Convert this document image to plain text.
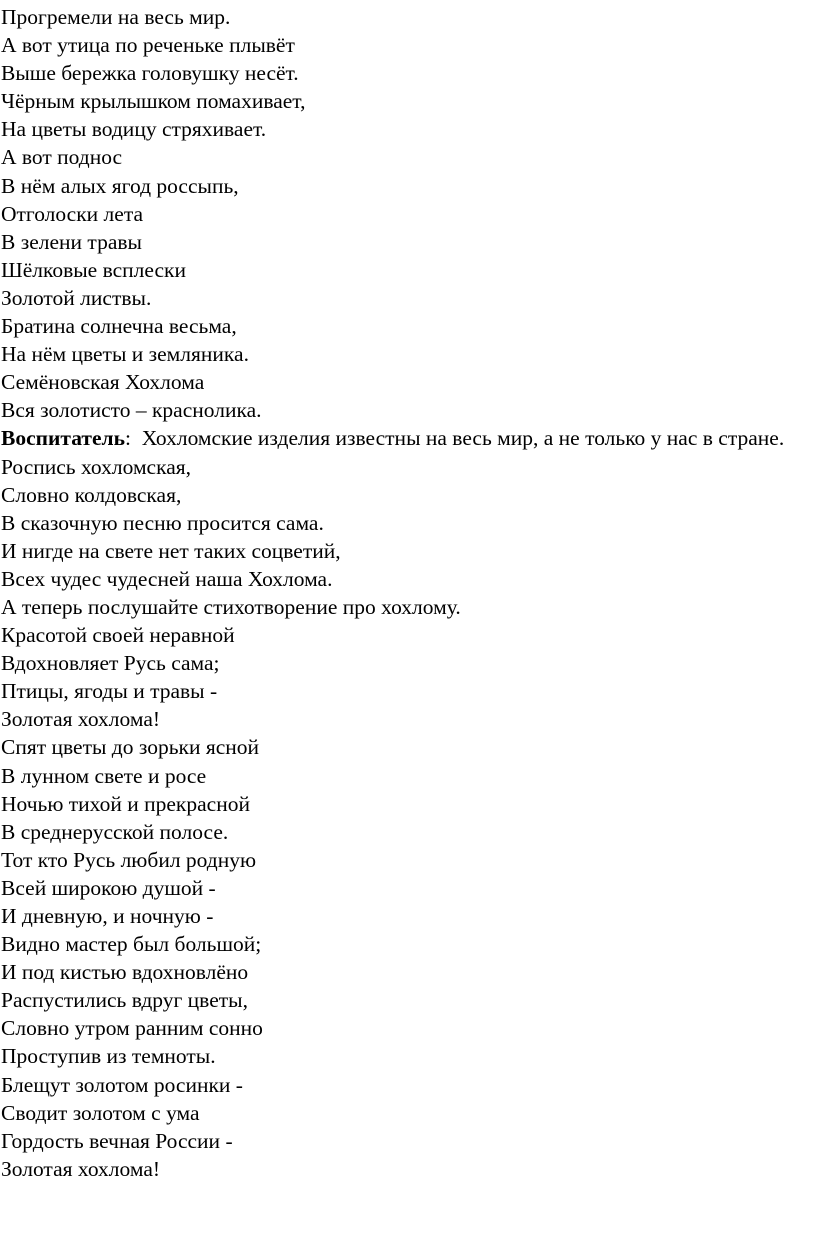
Прогремели на весь мир.
А вот утица по реченьке плывёт
Выше бережка головушку несёт.
Чёрным крылышком помахивает,
На цветы водицу стряхивает.
А вот поднос
В нём алых ягод россыпь,
Отголоски лета
В зелени травы
Шёлковые всплески
Золотой листвы.
Братина солнечна весьма,
На нём цветы и земляника.
Семёновская Хохлома
Вся золотисто – краснолика.
Воспитатель:  Хохломские изделия известны на весь мир, а не только у нас в стране.
Роспись хохломская,
Словно колдовская,
В сказочную песню просится сама.
И нигде на свете нет таких соцветий,
Всех чудес чудесней наша Хохлома.
А теперь послушайте стихотворение про хохлому.
Красотой своей неравной
Вдохновляет Русь сама;
Птицы, ягоды и травы -
Золотая хохлома!
Спят цветы до зорьки ясной
В лунном свете и росе
Ночью тихой и прекрасной
В среднерусской полосе.
Тот кто Русь любил родную
Всей широкою душой -
И дневную, и ночную -
Видно мастер был большой;
И под кистью вдохновлёно
Распустились вдруг цветы,
Словно утром ранним сонно
Проступив из темноты.
Блещут золотом росинки -
Сводит золотом с ума
Гордость вечная России -
Золотая хохлома!
